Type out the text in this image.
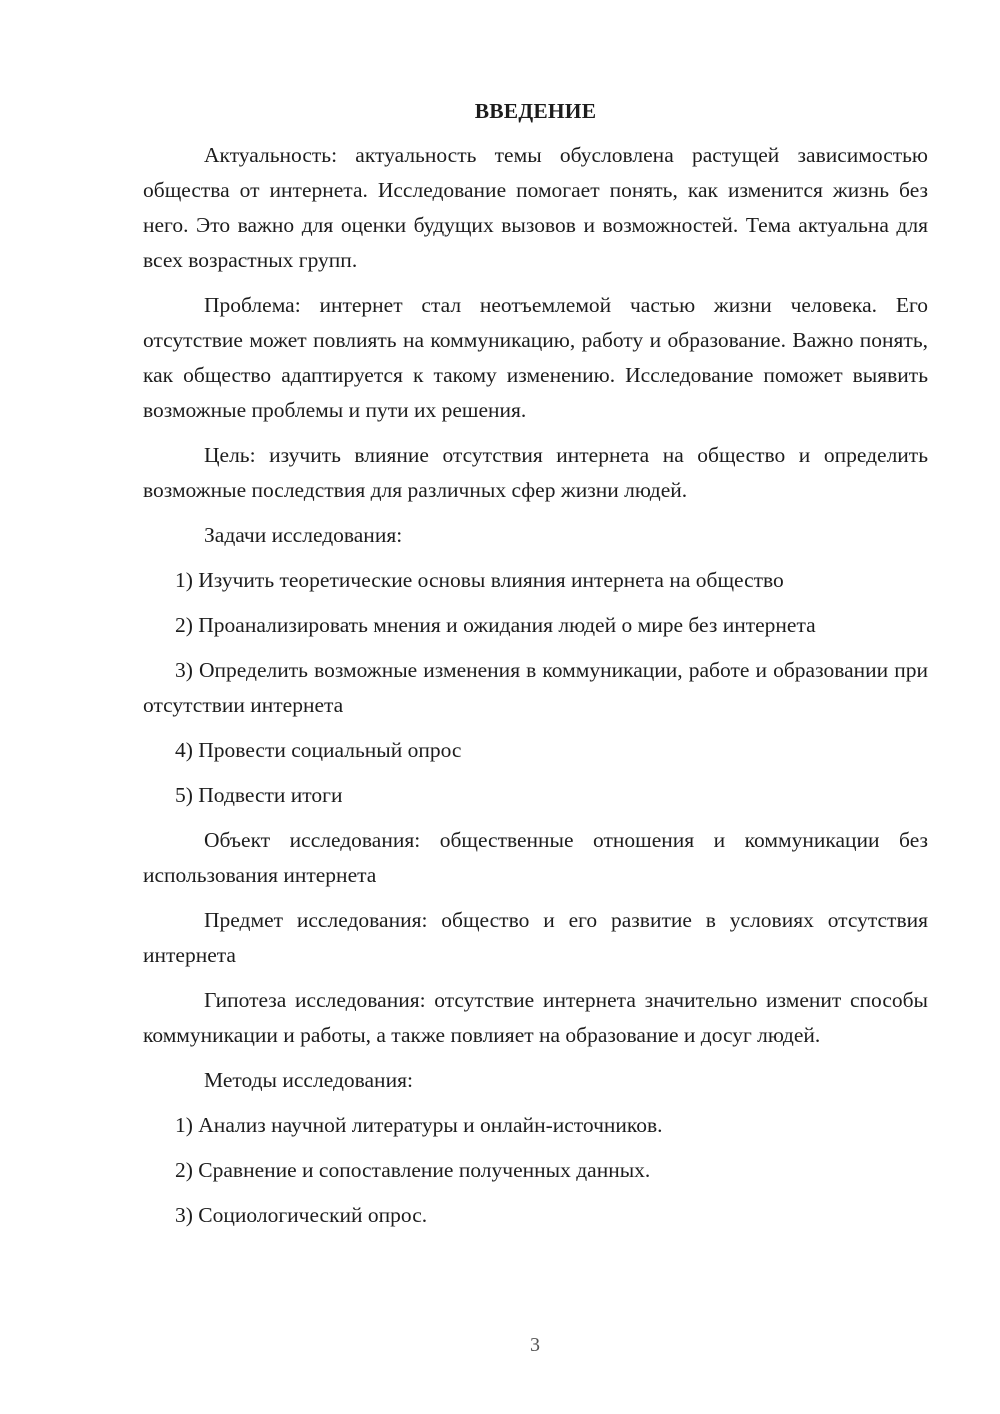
ВВЕДЕНИЕ

Актуальность: актуальность темы обусловлена растущей зависимостью общества от интернета. Исследование помогает понять, как изменится жизнь без него. Это важно для оценки будущих вызовов и возможностей. Тема актуальна для всех возрастных групп.

Проблема: интернет стал неотъемлемой частью жизни человека. Его отсутствие может повлиять на коммуникацию, работу и образование. Важно понять, как общество адаптируется к такому изменению. Исследование поможет выявить возможные проблемы и пути их решения.

Цель: изучить влияние отсутствия интернета на общество и определить возможные последствия для различных сфер жизни людей.

Задачи исследования:

1) Изучить теоретические основы влияния интернета на общество

2) Проанализировать мнения и ожидания людей о мире без интернета

3) Определить возможные изменения в коммуникации, работе и образовании при отсутствии интернета

4) Провести социальный опрос

5) Подвести итоги

Объект исследования: общественные отношения и коммуникации без использования интернета

Предмет исследования: общество и его развитие в условиях отсутствия интернета

Гипотеза исследования: отсутствие интернета значительно изменит способы коммуникации и работы, а также повлияет на образование и досуг людей.

Методы исследования:

1) Анализ научной литературы и онлайн-источников.

2) Сравнение и сопоставление полученных данных.

3) Социологический опрос.

3
